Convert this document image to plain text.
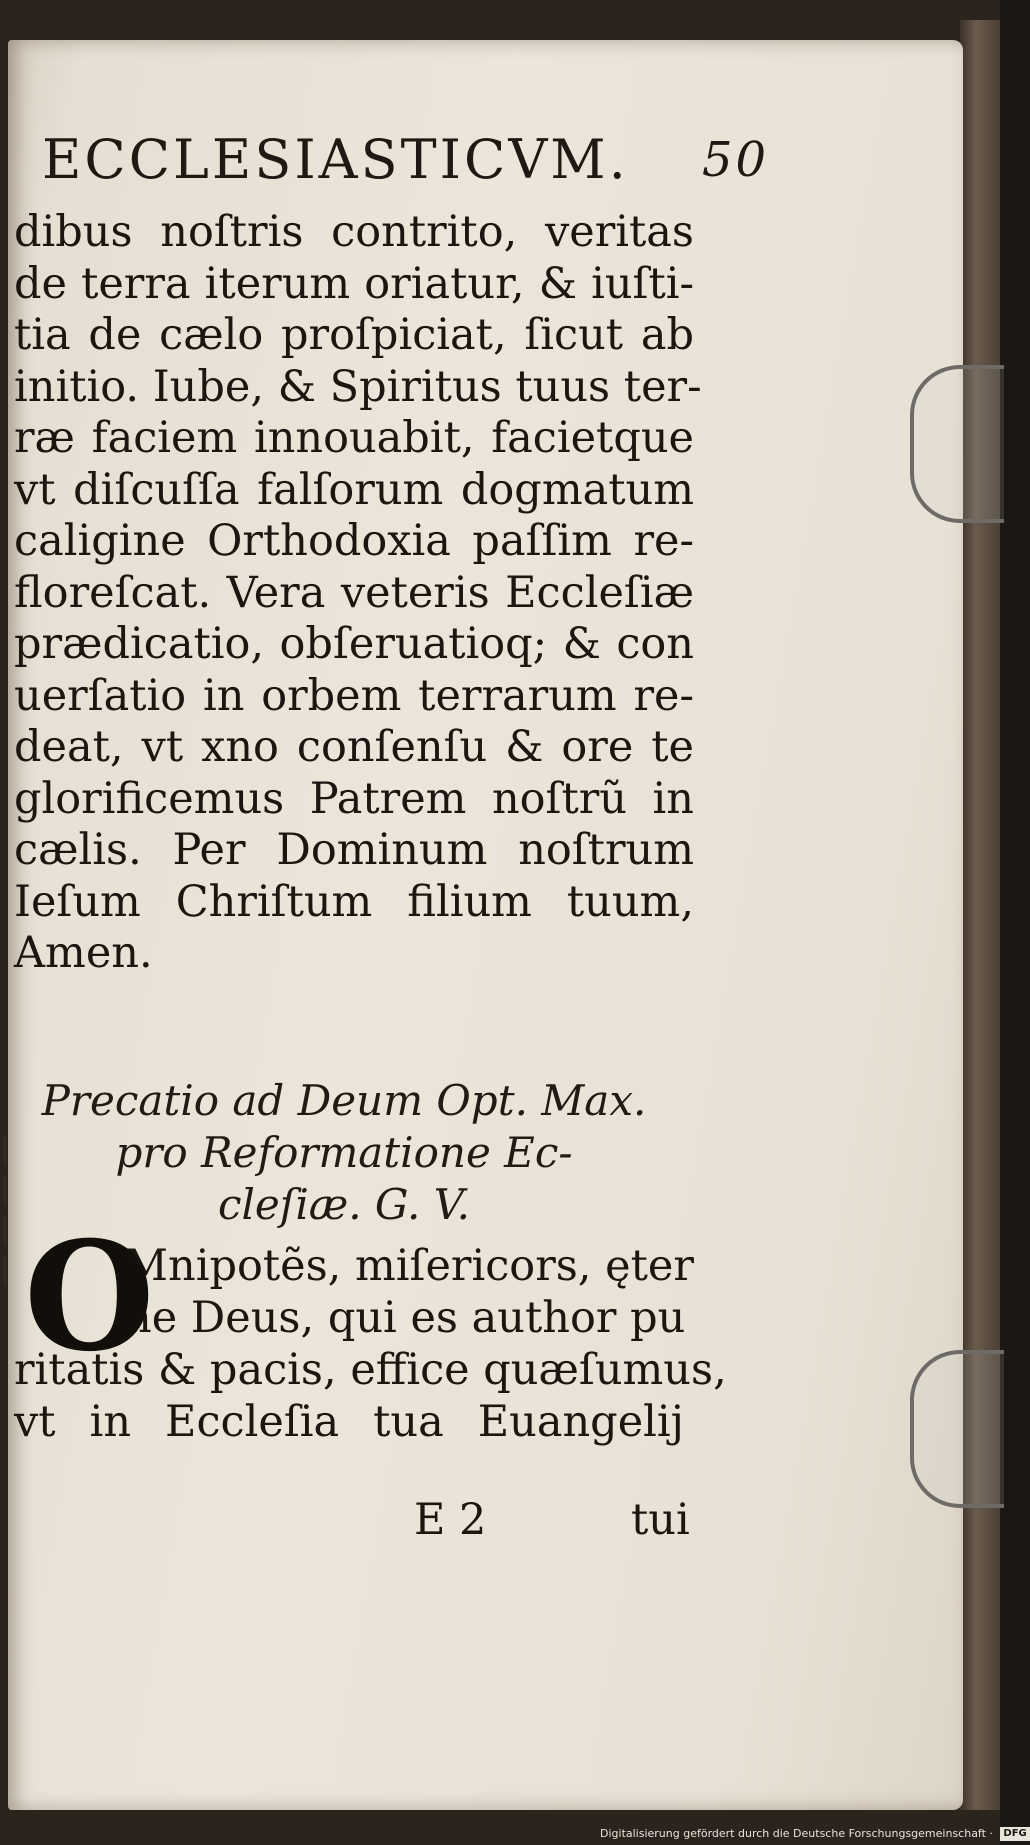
|
|
|
|
ECCLESIASTICVM. 50
dibus noſtris contrito, veritas
de terra iterum oriatur, & iuſti-
tia de cælo proſpiciat, ſicut ab
initio. Iube, & Spiritus tuus ter-
ræ faciem innouabit, facietque
vt diſcuſſa falſorum dogmatum
caligine Orthodoxia paſſim re-
floreſcat. Vera veteris Eccleſiæ
prædicatio, obſeruatioq; & con
uerſatio in orbem terrarum re-
deat, vt xno conſenſu & ore te
glorificemus Patrem noſtrũ in
cælis. Per Dominum noſtrum
Ieſum Chriſtum filium tuum,
Amen.
Precatio ad Deum Opt. Max.
pro Reformatione Ec-
cleſiæ. G. V.
O
Mnipotẽs, miſericors, ęter
ne Deus, qui es author pu
ritatis & pacis, effice quæſumus,
vt in Eccleſia tua Euangelij
E 2	tui
Digitalisierung gefördert durch die Deutsche Forschungsgemeinschaft · DFG
